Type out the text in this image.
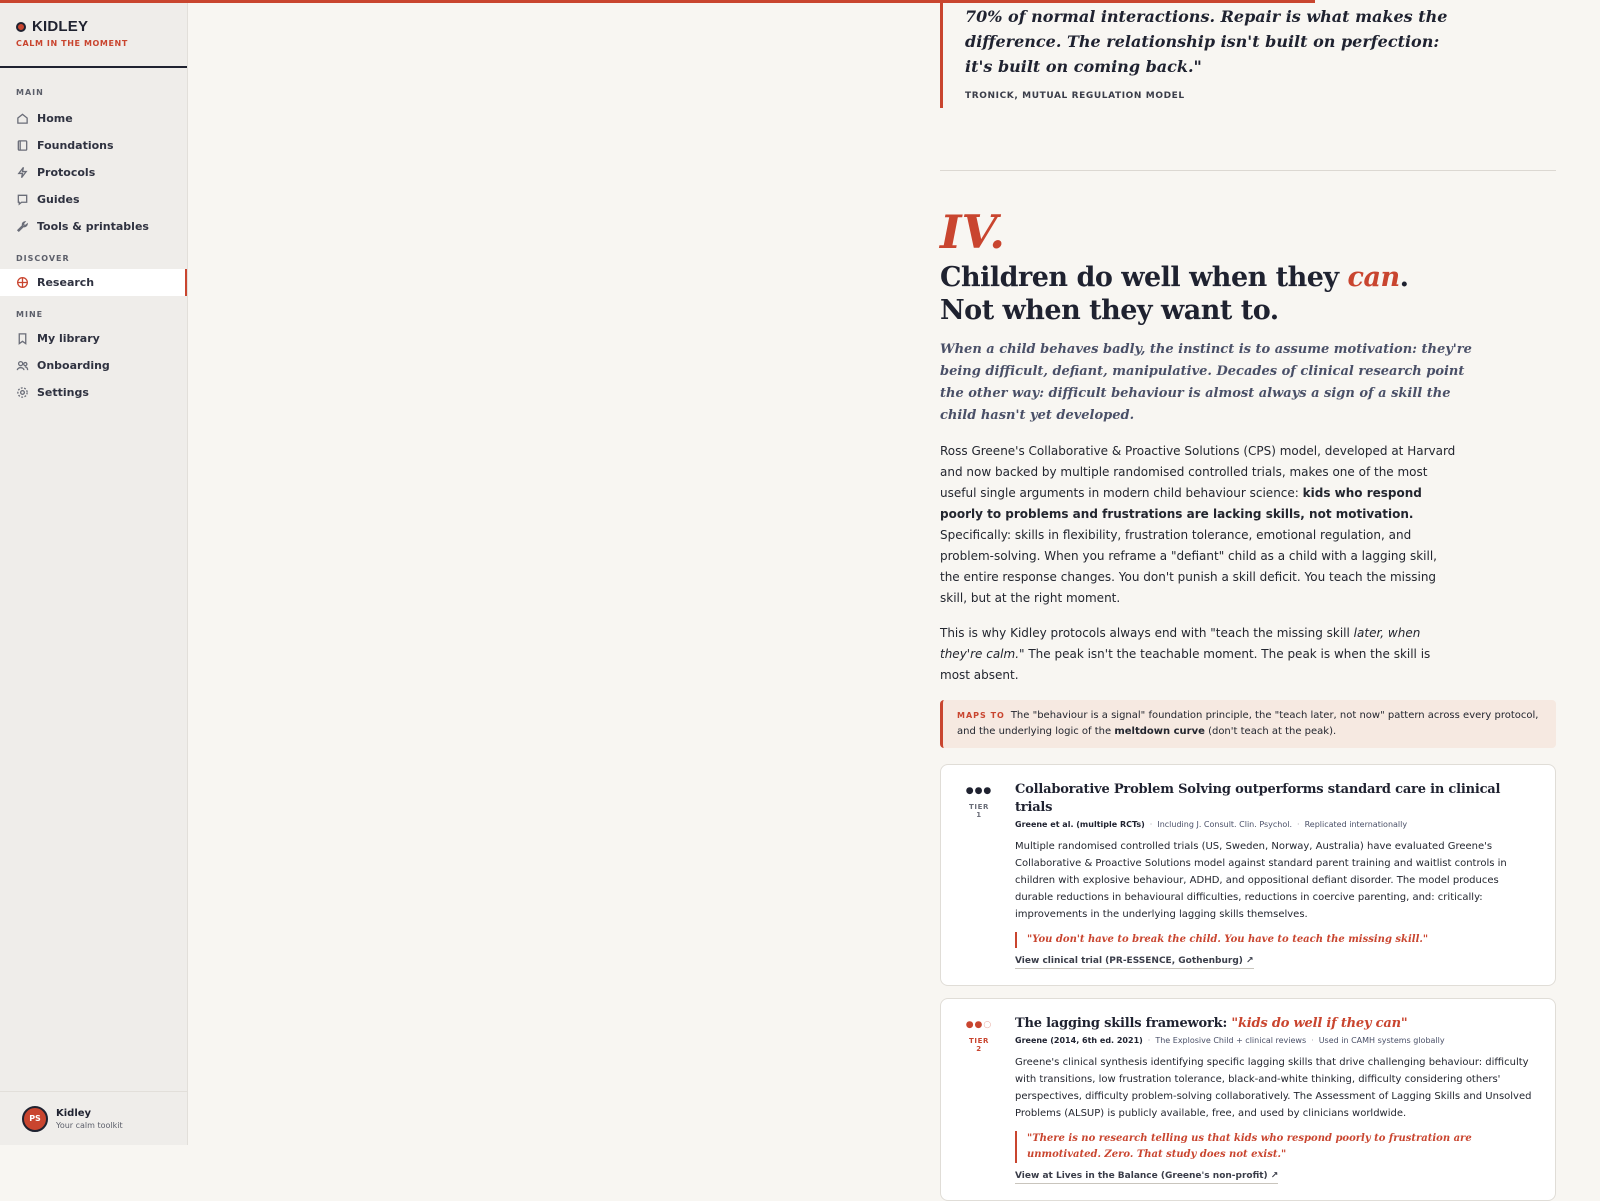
KIDLEY
CALM IN THE MOMENT
MAIN
Home
Foundations
Protocols
Guides
Tools & printables
DISCOVER
Research
MINE
My library
Onboarding
Settings
PS	Kidley
Your calm toolkit
70% of normal interactions. Repair is what makes the difference. The relationship isn't built on perfection: it's built on coming back."
TRONICK, MUTUAL REGULATION MODEL
IV.
Children do well when they can.
Not when they want to.

When a child behaves badly, the instinct is to assume motivation: they're being difficult, defiant, manipulative. Decades of clinical research point the other way: difficult behaviour is almost always a sign of a skill the child hasn't yet developed.

Ross Greene's Collaborative & Proactive Solutions (CPS) model, developed at Harvard and now backed by multiple randomised controlled trials, makes one of the most useful single arguments in modern child behaviour science: kids who respond poorly to problems and frustrations are lacking skills, not motivation. Specifically: skills in flexibility, frustration tolerance, emotional regulation, and problem-solving. When you reframe a "defiant" child as a child with a lagging skill, the entire response changes. You don't punish a skill deficit. You teach the missing skill, but at the right moment.

This is why Kidley protocols always end with "teach the missing skill later, when they're calm." The peak isn't the teachable moment. The peak is when the skill is most absent.

MAPS TO The "behaviour is a signal" foundation principle, the "teach later, not now" pattern across every protocol, and the underlying logic of the meltdown curve (don't teach at the peak).
●●●
TIER 1
Collaborative Problem Solving outperforms standard care in clinical trials
Greene et al. (multiple RCTs) · Including J. Consult. Clin. Psychol. · Replicated internationally
Multiple randomised controlled trials (US, Sweden, Norway, Australia) have evaluated Greene's Collaborative & Proactive Solutions model against standard parent training and waitlist controls in children with explosive behaviour, ADHD, and oppositional defiant disorder. The model produces durable reductions in behavioural difficulties, reductions in coercive parenting, and: critically: improvements in the underlying lagging skills themselves.
"You don't have to break the child. You have to teach the missing skill."
View clinical trial (PR-ESSENCE, Gothenburg) ↗
●●○
TIER 2
The lagging skills framework: "kids do well if they can"
Greene (2014, 6th ed. 2021) · The Explosive Child + clinical reviews · Used in CAMH systems globally
Greene's clinical synthesis identifying specific lagging skills that drive challenging behaviour: difficulty with transitions, low frustration tolerance, black-and-white thinking, difficulty considering others' perspectives, difficulty problem-solving collaboratively. The Assessment of Lagging Skills and Unsolved Problems (ALSUP) is publicly available, free, and used by clinicians worldwide.
"There is no research telling us that kids who respond poorly to frustration are unmotivated. Zero. That study does not exist."
View at Lives in the Balance (Greene's non-profit) ↗
